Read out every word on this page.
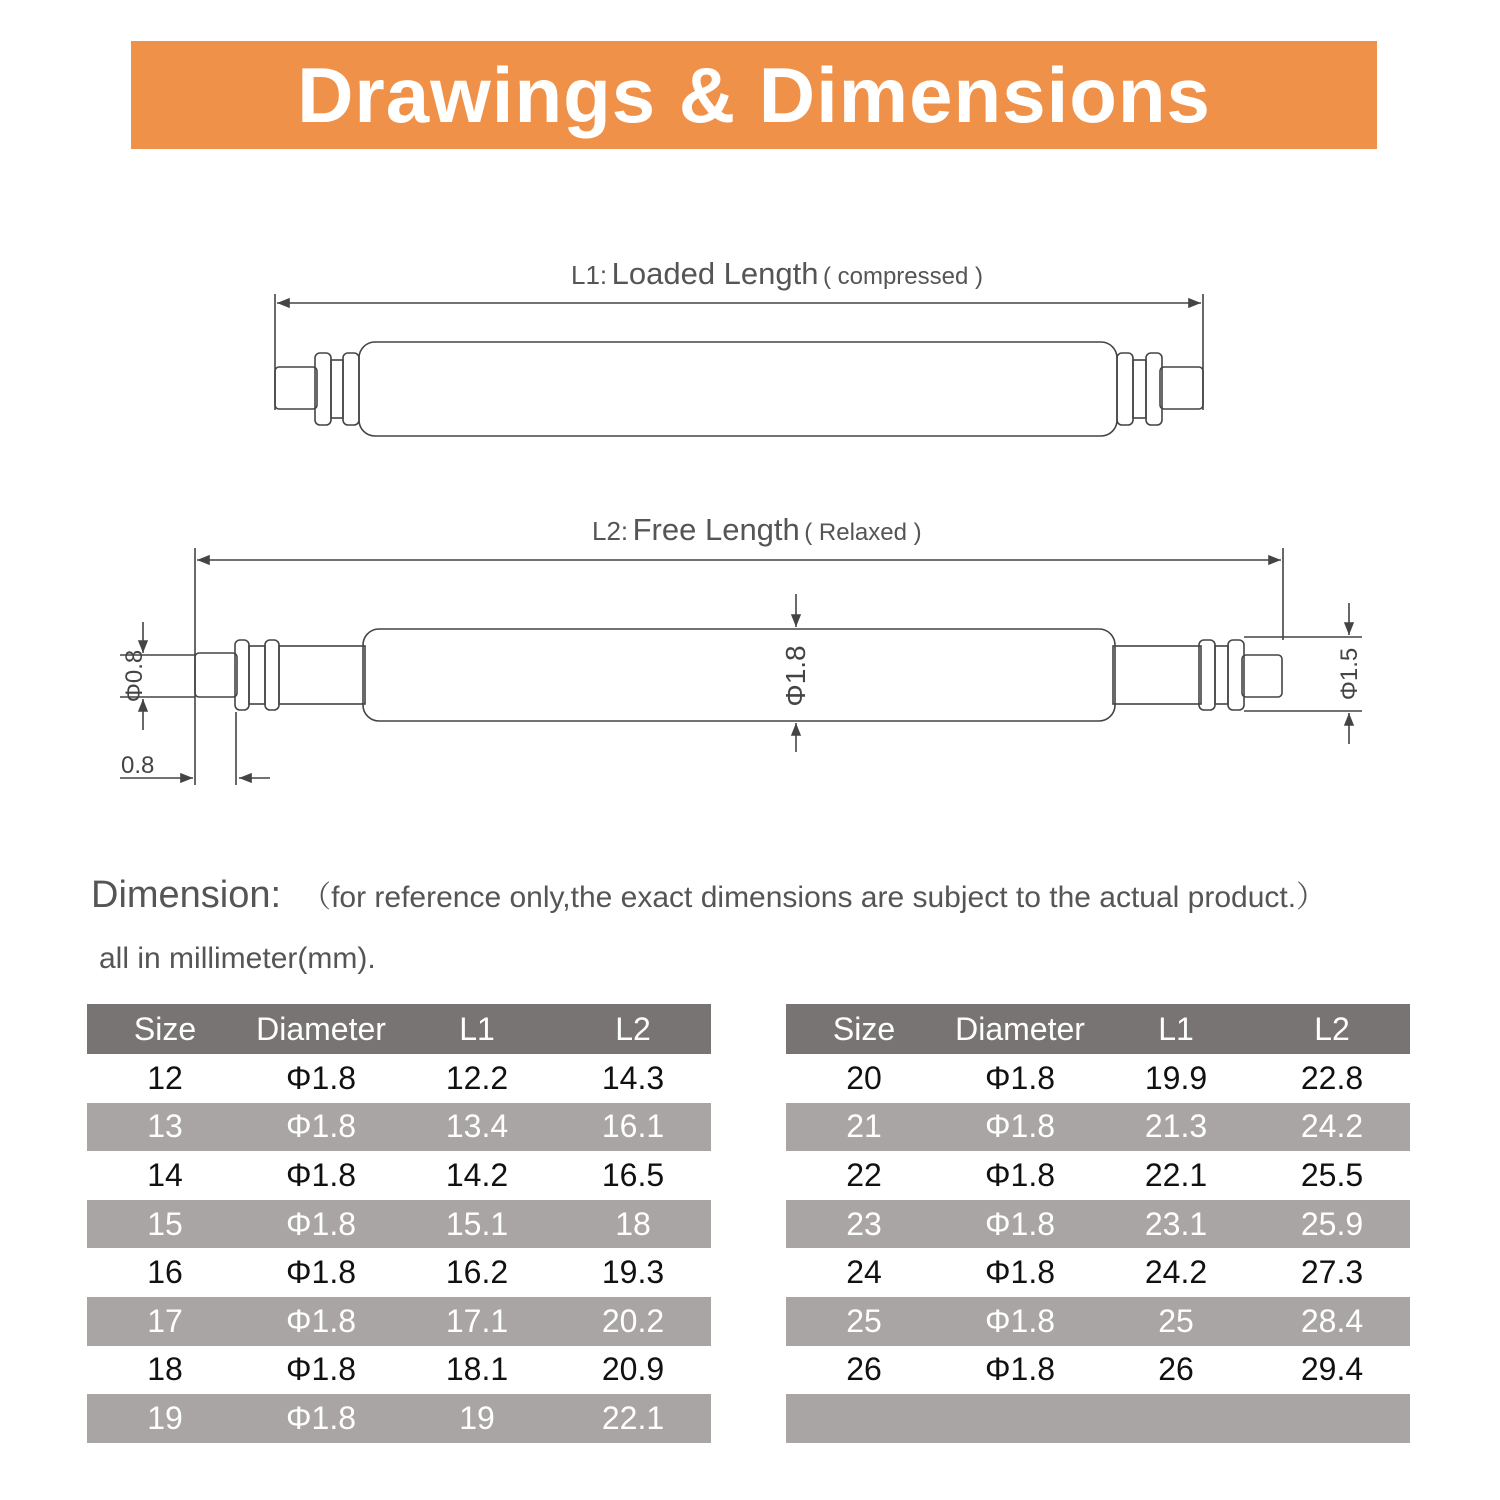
Drawings & Dimensions
L1: Loaded Length ( compressed )
L2: Free Length ( Relaxed )
Φ0.8
0.8
Φ1.8	Φ1.5
Dimension: （for reference only,the exact dimensions are subject to the actual product.）
all in millimeter(mm).
Size	Diameter	L1	L2
12	Φ1.8	12.2	14.3
13	Φ1.8	13.4	16.1
14	Φ1.8	14.2	16.5
15	Φ1.8	15.1	18
16	Φ1.8	16.2	19.3
17	Φ1.8	17.1	20.2
18	Φ1.8	18.1	20.9
19	Φ1.8	19	22.1
Size	Diameter	L1	L2
20	Φ1.8	19.9	22.8
21	Φ1.8	21.3	24.2
22	Φ1.8	22.1	25.5
23	Φ1.8	23.1	25.9
24	Φ1.8	24.2	27.3
25	Φ1.8	25	28.4
26	Φ1.8	26	29.4
